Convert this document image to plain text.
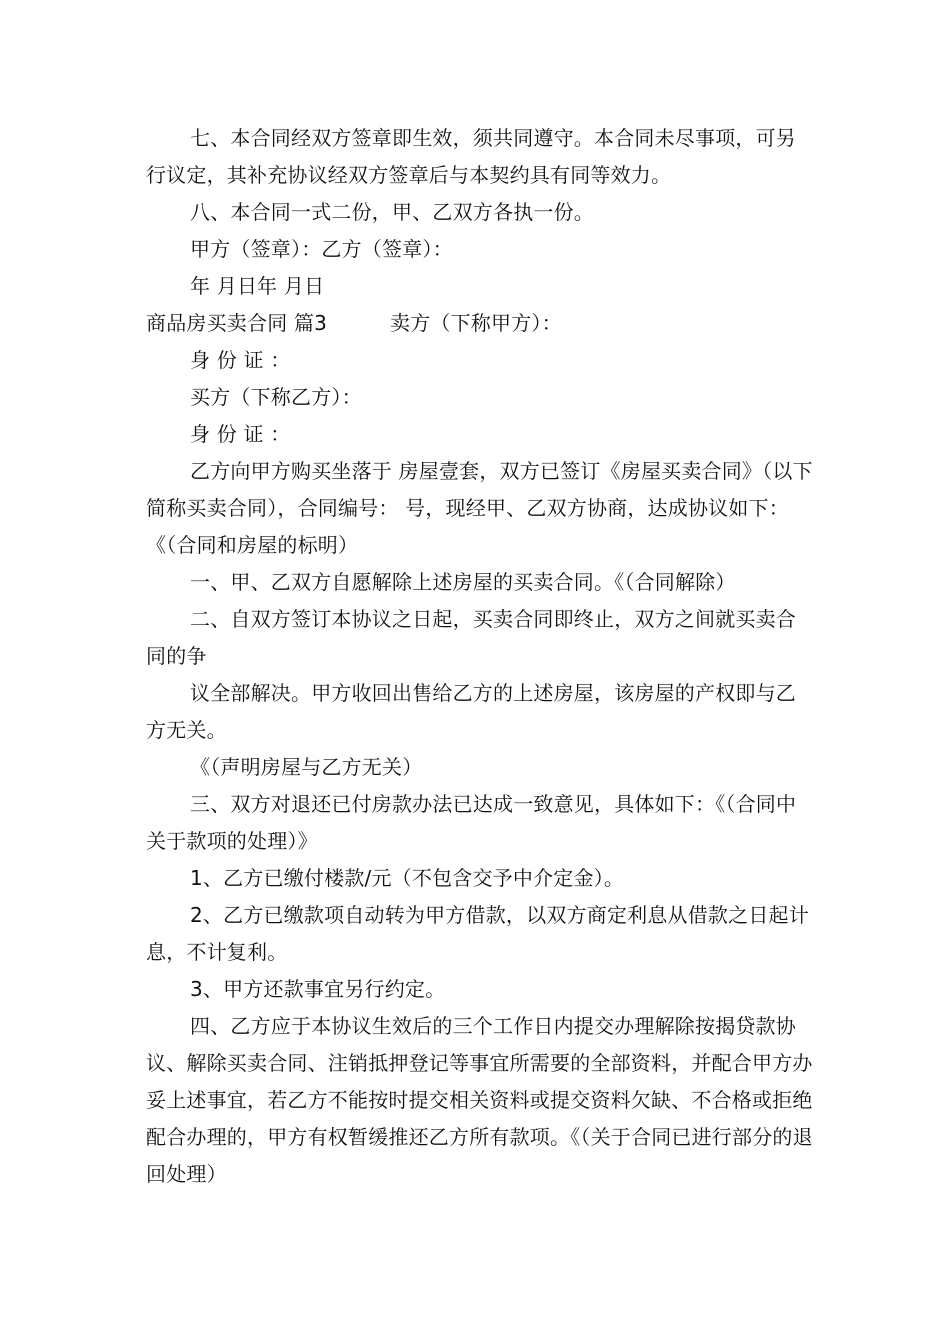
七、本合同经双方签章即生效，须共同遵守。本合同未尽事项，可另行议定，其补充协议经双方签章后与本契约具有同等效力。

八、本合同一式二份，甲、乙双方各执一份。

甲方（签章）：乙方（签章）：

年 月日年 月日

商品房买卖合同 篇3	卖方（下称甲方）：

身 份 证 ：

买方（下称乙方）：

身 份 证 ：

乙方向甲方购买坐落于 房屋壹套，双方已签订《房屋买卖合同》（以下简称买卖合同），合同编号： 号，现经甲、乙双方协商，达成协议如下：《（合同和房屋的标明）

一、甲、乙双方自愿解除上述房屋的买卖合同。《（合同解除）

二、自双方签订本协议之日起，买卖合同即终止，双方之间就买卖合同的争

议全部解决。甲方收回出售给乙方的上述房屋，该房屋的产权即与乙方无关。

《（声明房屋与乙方无关）

三、双方对退还已付房款办法已达成一致意见，具体如下：《（合同中关于款项的处理）》

1、乙方已缴付楼款/元（不包含交予中介定金）。

2、乙方已缴款项自动转为甲方借款，以双方商定利息从借款之日起计息，不计复利。

3、甲方还款事宜另行约定。

四、乙方应于本协议生效后的三个工作日内提交办理解除按揭贷款协议、解除买卖合同、注销抵押登记等事宜所需要的全部资料，并配合甲方办妥上述事宜，若乙方不能按时提交相关资料或提交资料欠缺、不合格或拒绝配合办理的，甲方有权暂缓推还乙方所有款项。《（关于合同已进行部分的退回处理）
